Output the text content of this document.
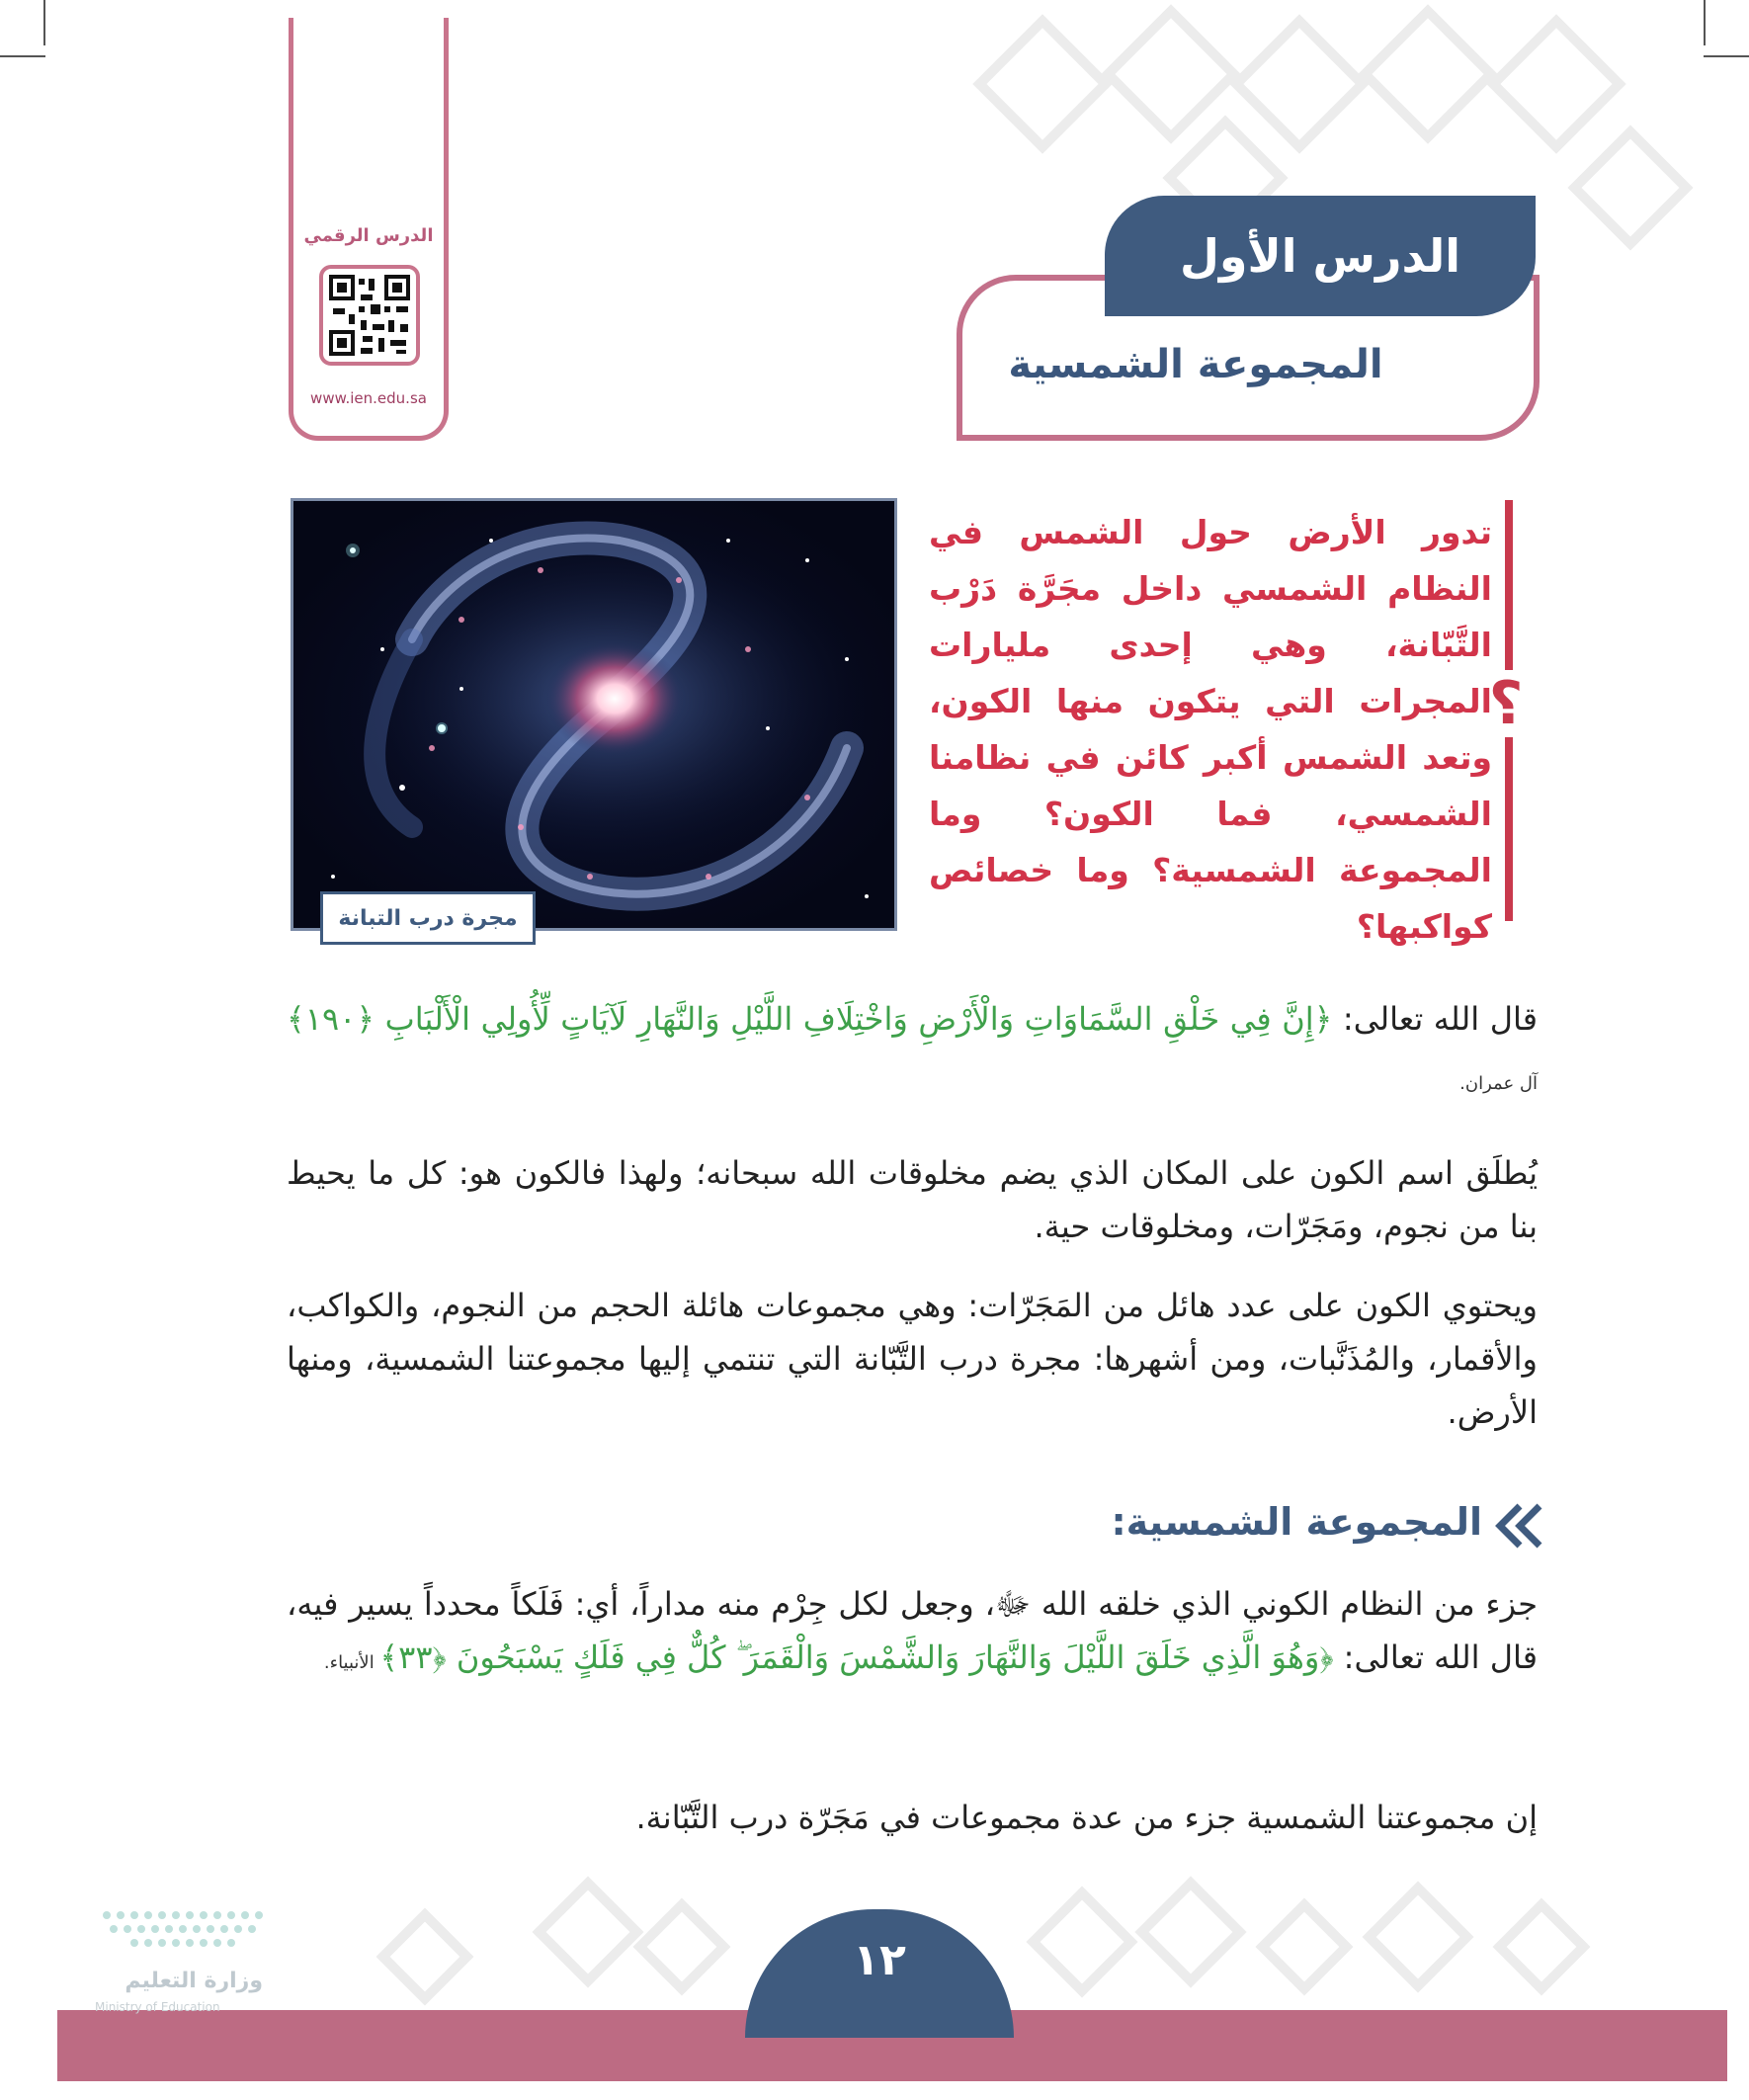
الدرس الرقمي
www.ien.edu.sa
الدرس الأول
المجموعة الشمسية
مجرة درب التبانة
؟
تدور الأرض حول الشمس في النظام الشمسي داخل مجَرَّة دَرْب التَّبّانة، وهي إحدى مليارات المجرات التي يتكون منها الكون، وتعد الشمس أكبر كائن في نظامنا الشمسي، فما الكون؟ وما المجموعة الشمسية؟ وما خصائص كواكبها؟
قال الله تعالى: ﴿إِنَّ فِي خَلْقِ السَّمَاوَاتِ وَالْأَرْضِ وَاخْتِلَافِ اللَّيْلِ وَالنَّهَارِ لَآيَاتٍ لِّأُولِي الْأَلْبَابِ ﴿١٩٠﴾ آل عمران.
يُطلَق اسم الكون على المكان الذي يضم مخلوقات الله سبحانه؛ ولهذا فالكون هو: كل ما يحيط بنا من نجوم، ومَجَرّات، ومخلوقات حية.
ويحتوي الكون على عدد هائل من المَجَرّات: وهي مجموعات هائلة الحجم من النجوم، والكواكب، والأقمار، والمُذَنَّبات، ومن أشهرها: مجرة درب التَّبّانة التي تنتمي إليها مجموعتنا الشمسية، ومنها الأرض.
المجموعة الشمسية:
جزء من النظام الكوني الذي خلقه الله ﷻ، وجعل لكل جِرْم منه مداراً، أي: فَلَكاً محدداً يسير فيه، قال الله تعالى: ﴿وَهُوَ الَّذِي خَلَقَ اللَّيْلَ وَالنَّهَارَ وَالشَّمْسَ وَالْقَمَرَ ۖ كُلٌّ فِي فَلَكٍ يَسْبَحُونَ ﴿٣٣﴾ الأنبياء.
إن مجموعتنا الشمسية جزء من عدة مجموعات في مَجَرّة درب التَّبّانة.
١٢
وزارة التعليم
Ministry of Education
